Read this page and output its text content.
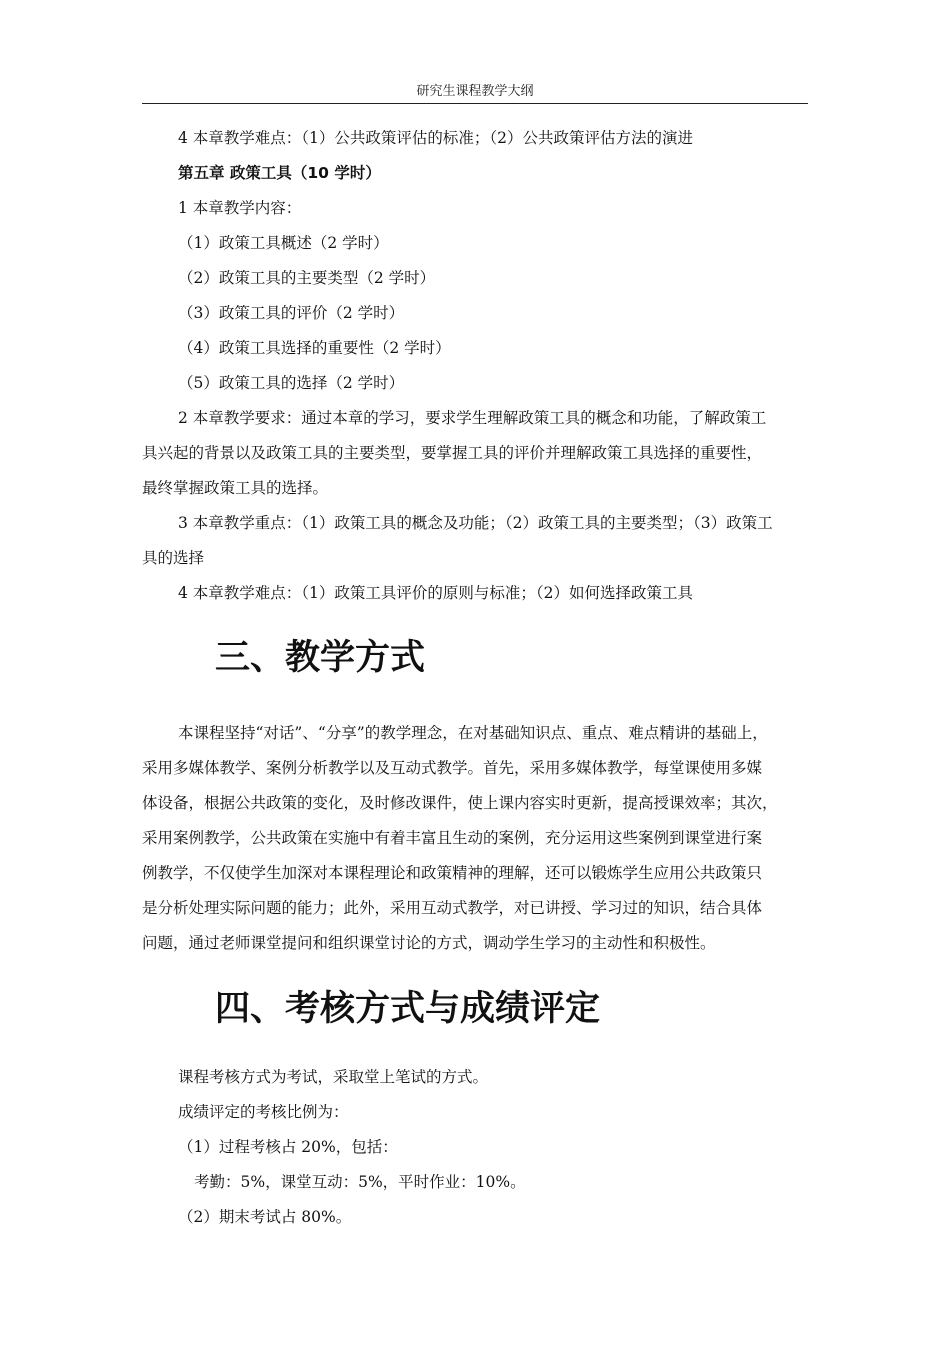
研究生课程教学大纲
4 本章教学难点：（1）公共政策评估的标准；（2）公共政策评估方法的演进
第五章 政策工具（10 学时）
1 本章教学内容：
（1）政策工具概述（2 学时）
（2）政策工具的主要类型（2 学时）
（3）政策工具的评价（2 学时）
（4）政策工具选择的重要性（2 学时）
（5）政策工具的选择（2 学时）
2 本章教学要求：通过本章的学习，要求学生理解政策工具的概念和功能，了解政策工
具兴起的背景以及政策工具的主要类型，要掌握工具的评价并理解政策工具选择的重要性，
最终掌握政策工具的选择。
3 本章教学重点：（1）政策工具的概念及功能；（2）政策工具的主要类型；（3）政策工
具的选择
4 本章教学难点：（1）政策工具评价的原则与标准；（2）如何选择政策工具
三、教学方式
本课程坚持“对话”、“分享”的教学理念，在对基础知识点、重点、难点精讲的基础上，
采用多媒体教学、案例分析教学以及互动式教学。首先，采用多媒体教学，每堂课使用多媒
体设备，根据公共政策的变化，及时修改课件，使上课内容实时更新，提高授课效率；其次，
采用案例教学，公共政策在实施中有着丰富且生动的案例，充分运用这些案例到课堂进行案
例教学，不仅使学生加深对本课程理论和政策精神的理解，还可以锻炼学生应用公共政策只
是分析处理实际问题的能力；此外，采用互动式教学，对已讲授、学习过的知识，结合具体
问题，通过老师课堂提问和组织课堂讨论的方式，调动学生学习的主动性和积极性。
四、考核方式与成绩评定
课程考核方式为考试，采取堂上笔试的方式。
成绩评定的考核比例为：
（1）过程考核占 20%，包括：
考勤：5%，课堂互动：5%，平时作业：10%。
（2）期末考试占 80%。
